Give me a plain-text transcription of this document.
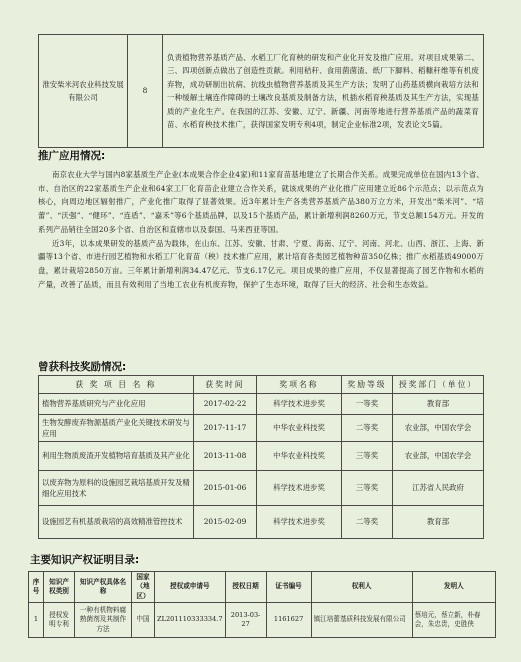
淮安柴米河农业科技发展有限公司	8	负责植物营养基质产品、水稻工厂化育秧的研发和产业化开发及推广应用。对项目成果第二、三、四项创新点做出了创造性贡献。利用秸秆、食用菌菌渣、纸厂下脚料、稻糠秆维等有机废弃物，成功研制出抗病、抗线虫植物营养基质及其生产方法；发明了山药基质横向栽培方法和一种缓解土壤连作障碍的土壤改良基质及制备方法，机插水稻育秧基质及其生产方法，实现基质的产业化生产。在我国的江苏、安徽、辽宁、新疆、河南等地进行营养基质产品的蔬菜育苗、水稻育秧技术推广，获得国家发明专利4项，制定企业标准2项，发表论文5篇。
推广应用情况:

南京农业大学与国内8家基质生产企业(本成果合作企业4家)和11家育苗基地建立了长期合作关系。成果完成单位在国内13个省、市、自治区的22家基质生产企业和64家工厂化育苗企业建立合作关系，就该成果的产业化推广应用建立近86个示范点；以示范点为核心，向周边地区辐射推广，产业化推广取得了显著效果。近3年累计生产各类营养基质产品380万立方米，开发出“柴米河”、“培蕾”、“沃强”、“健环”、“连盾”、“嘉禾”等6个基质品牌，以及15个基质产品，累计新增利润8260万元，节支总额154万元。开发的系列产品销往全国20多个省、自治区和直辖市以及泰国、马来西亚等国。

近3年，以本成果研发的基质产品为载体，在山东、江苏、安徽、甘肃、宁夏、海南、辽宁、河南、河北、山西、浙江、上海、新疆等13个省、市进行园艺植物和水稻工厂化育苗（秧）技术推广应用，累计培育各类园艺植物种苗350亿株；推广水稻基质49000万盘，累计栽培2850万亩。三年累计新增利润34.47亿元、节支6.17亿元。项目成果的推广应用，不仅显著提高了园艺作物和水稻的产量，改善了品质，而且有效利用了当地工农业有机废弃物，保护了生态环境，取得了巨大的经济、社会和生态效益。

曾获科技奖励情况:
获 奖 项 目 名 称	获奖时间	奖项名称	奖励等级	授奖部门（单位）
植物营养基质研究与产业化应用	2017-02-22	科学技术进步奖	一等奖	教育部
生物发酵废弃物源基质产业化关键技术研发与应用	2017-11-17	中华农业科技奖	二等奖	农业部，中国农学会
利用生物质废渣开发植物培育基质及其产业化	2013-11-08	中华农业科技奖	三等奖	农业部，中国农学会
以废弃物为原料的设施园艺栽培基质开发及精细化应用技术	2015-01-06	科学技术进步奖	三等奖	江苏省人民政府
设施园艺有机基质栽培的高效精准管控技术	2015-02-09	科学技术进步奖	二等奖	教育部
主要知识产权证明目录:
序号	知识产权类别	知识产权具体名称	国家（地区）	授权或申请号	授权日期	证书编号	权利人	发明人
1	授权发明专利	一种有机物料腐熟菌剂及其制作方法	中国	ZL201110333334.7	2013-03-27	1161627	镇江培蕾基质科技发展有限公司	蔡培元，蔡立新，朴春会，朱忠贵，史胜侠
